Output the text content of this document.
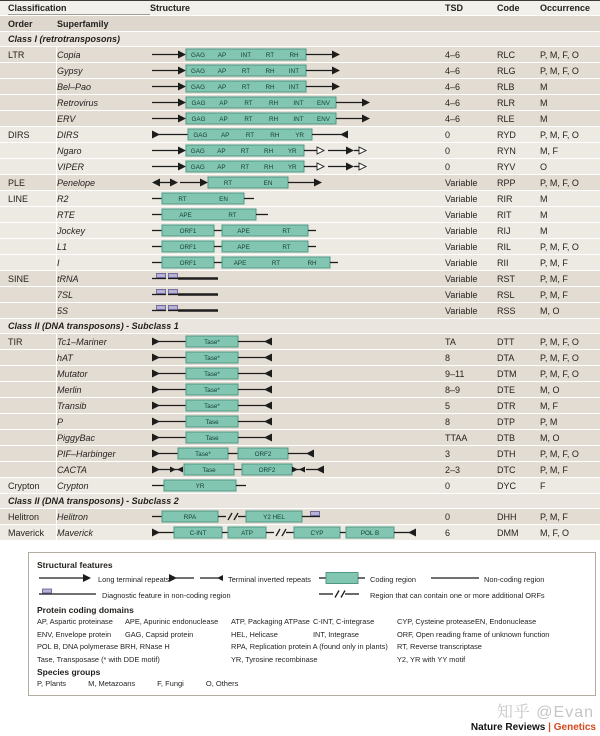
Classification	Structure	TSD	Code	Occurrence
Order	Superfamily
Class I (retrotransposons)
LTR	Copia	GAG AP INT RT RH	4–6	RLC	P, M, F, O
Gypsy	GAG AP RT RH INT	4–6	RLG	P, M, F, O
Bel–Pao	GAG AP RT RH INT	4–6	RLB	M
Retrovirus	GAG AP	RT	RH INT ENV	4–6	RLR	M
ERV	GAG AP	RT	RH INT ENV	4–6	RLE	M
DIRS	DIRS	GAG AP	RT	RH	YR	0	RYD	P, M, F, O
Ngaro	GAG AP RT RH YR	0	RYN	M, F
VIPER	GAG AP RT RH YR	0	RYV	O
PLE	Penelope	RT	EN	Variable	RPP	P, M, F, O
LINE	R2	RT	EN	Variable	RIR	M
RTE	APE	RT	Variable	RIT	M
Jockey	ORF1	APE	RT	Variable	RIJ	M
L1	ORF1	APE	RT	Variable	RIL	P, M, F, O
I	ORF1	APE	RT	RH	Variable	RII	P, M, F
SINE	tRNA	Variable	RST	P, M, F
7SL	Variable	RSL	P, M, F
5S	Variable	RSS	M, O
Class II (DNA transposons) - Subclass 1
TIR	Tc1–Mariner	Tase*	TA	DTT	P, M, F, O
hAT	Tase*	8	DTA	P, M, F, O
Mutator	Tase*	9–11	DTM	P, M, F, O
Merlin	Tase*	8–9	DTE	M, O
Transib	Tase*	5	DTR	M, F
P	Tase	8	DTP	P, M
PiggyBac	Tase	TTAA	DTB	M, O
PIF–Harbinger	Tase*	ORF2	3	DTH	P, M, F, O
CACTA	Tase	ORF2	2–3	DTC	P, M, F
Crypton	Crypton	YR	0	DYC	F
Class II (DNA transposons) - Subclass 2
Helitron	Helitron	RPA	Y2 HEL	0	DHH	P, M, F
Maverick	Maverick	C-INT	ATP	CYP	POL B	6	DMM	M, F, O
Structural features
Long terminal repeats	Terminal inverted repeats	Coding region	Non-coding region
Diagnostic feature in non-coding region	Region that can contain one or more additional ORFs
Protein coding domains
AP, Aspartic proteinase	APE, Apurinic endonuclease	ATP, Packaging ATPase C-INT, C-integrase	CYP, Cysteine protease EN, Endonuclease
ENV, Envelope protein	GAG, Capsid protein	HEL, Helicase	INT, Integrase	ORF, Open reading frame of unknown function
POL B, DNA polymerase B RH, RNase H	RPA, Replication protein A (found only in plants)	RT, Reverse transcriptase
Tase, Transposase (* with DDE motif)	YR, Tyrosine recombinase	Y2, YR with YY motif
Species groups
P, Plants	M, Metazoans	F, Fungi	O, Others
知乎 @Evan
Nature Reviews | Genetics
